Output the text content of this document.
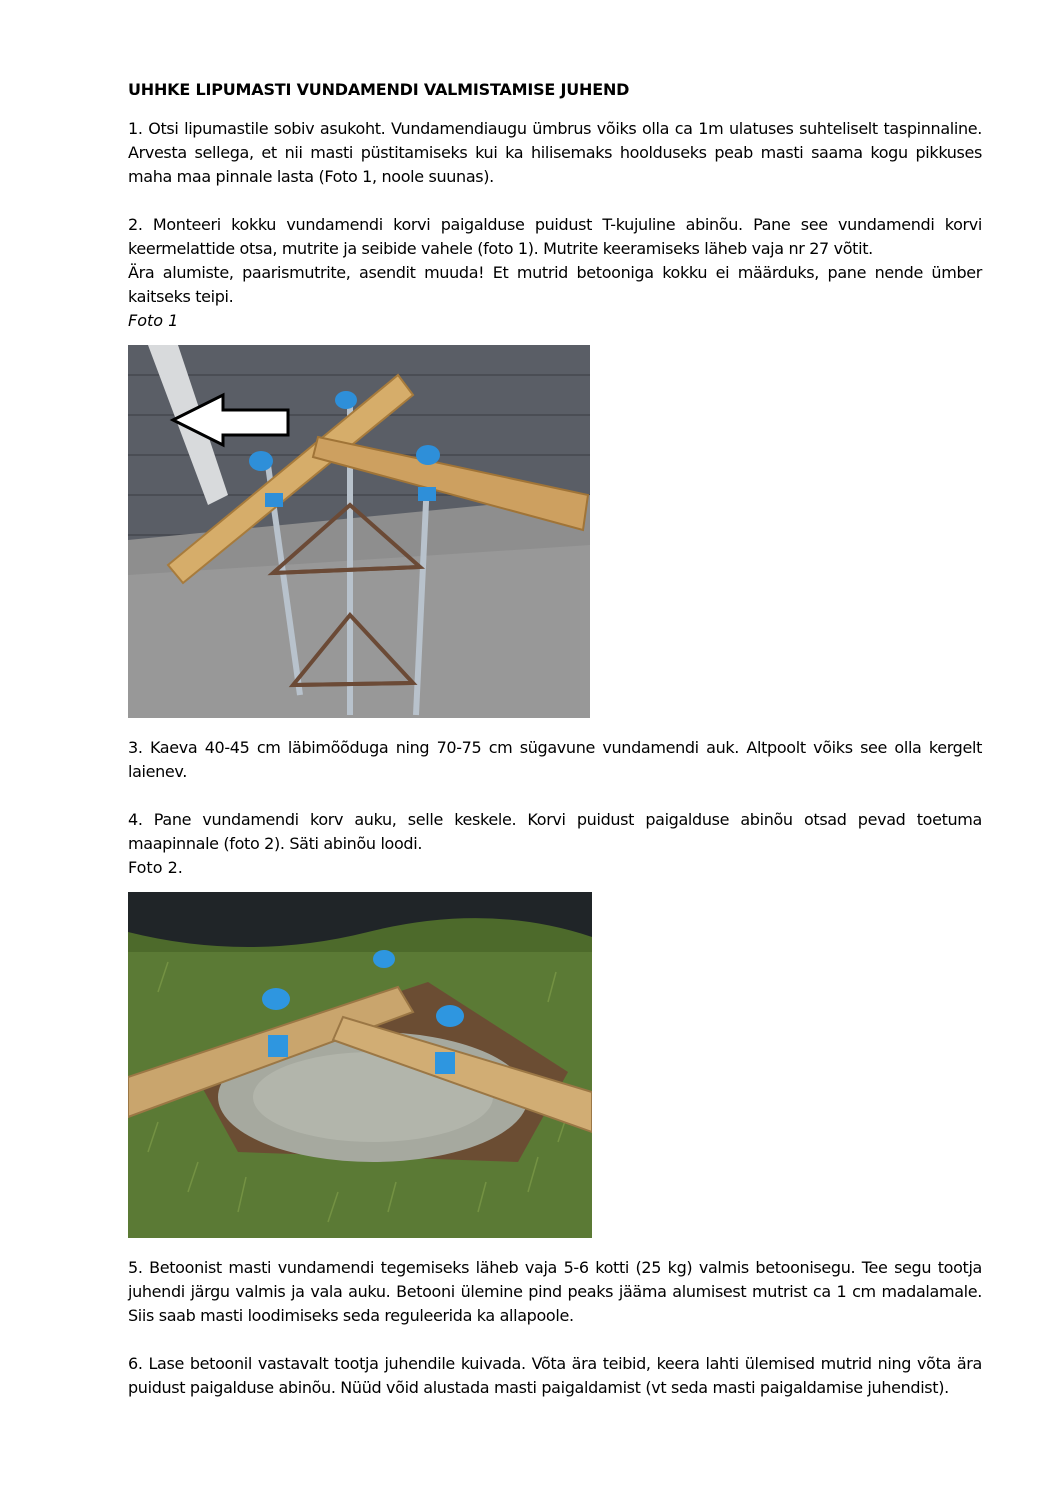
UHHKE LIPUMASTI VUNDAMENDI VALMISTAMISE JUHEND

1. Otsi lipumastile sobiv asukoht. Vundamendiaugu ümbrus võiks olla ca 1m ulatuses suhteliselt taspinnaline. Arvesta sellega, et nii masti püstitamiseks kui ka hilisemaks hoolduseks peab masti saama kogu pikkuses maha maa pinnale lasta (Foto 1, noole suunas).

2. Monteeri kokku vundamendi korvi paigalduse puidust T-kujuline abinõu. Pane see vundamendi korvi keermelattide otsa, mutrite ja seibide vahele (foto 1). Mutrite keeramiseks läheb vaja nr 27 võtit.

Ära alumiste, paarismutrite, asendit muuda! Et mutrid betooniga kokku ei määrduks, pane nende ümber kaitseks teipi.

Foto 1

3. Kaeva 40-45 cm läbimõõduga ning 70-75 cm sügavune vundamendi auk. Altpoolt võiks see olla kergelt laienev.

4. Pane vundamendi korv auku, selle keskele. Korvi puidust paigalduse abinõu otsad pevad toetuma maapinnale (foto 2). Säti abinõu loodi.

Foto 2.

5. Betoonist masti vundamendi tegemiseks läheb vaja 5-6 kotti (25 kg) valmis betoonisegu. Tee segu tootja juhendi järgu valmis ja vala auku. Betooni ülemine pind peaks jääma alumisest mutrist ca 1 cm madalamale. Siis saab masti loodimiseks seda reguleerida ka allapoole.

6. Lase betoonil vastavalt tootja juhendile kuivada. Võta ära teibid, keera lahti ülemised mutrid ning võta ära puidust paigalduse abinõu. Nüüd võid alustada masti paigaldamist (vt seda masti paigaldamise juhendist).
